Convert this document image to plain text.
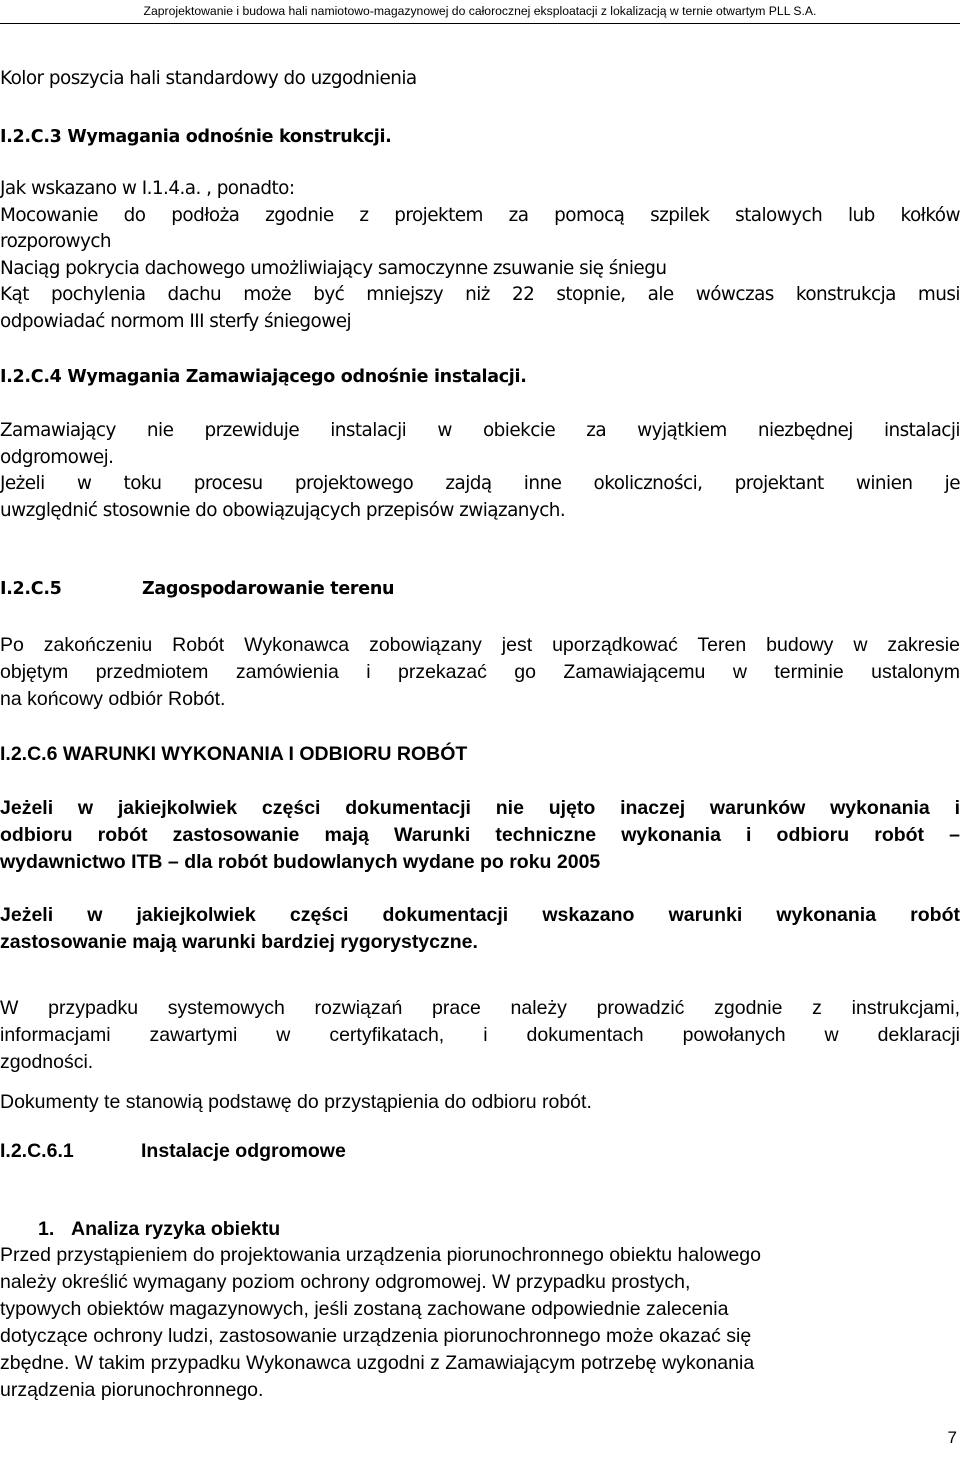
Zaprojektowanie i budowa hali namiotowo-magazynowej do całorocznej eksploatacji z lokalizacją w ternie otwartym PLL S.A.

Kolor poszycia hali standardowy do uzgodnienia

I.2.C.3 Wymagania odnośnie konstrukcji.

Jak wskazano w I.1.4.a. , ponadto:
Mocowanie do podłoża zgodnie z projektem za pomocą szpilek stalowych lub kołków
rozporowych
Naciąg pokrycia dachowego umożliwiający samoczynne zsuwanie się śniegu
Kąt pochylenia dachu może być mniejszy niż 22 stopnie, ale wówczas konstrukcja musi
odpowiadać normom III sterfy śniegowej

I.2.C.4 Wymagania Zamawiającego odnośnie instalacji.

Zamawiający nie przewiduje instalacji w obiekcie za wyjątkiem niezbędnej instalacji
odgromowej.
Jeżeli w toku procesu projektowego zajdą inne okoliczności, projektant winien je
uwzględnić stosownie do obowiązujących przepisów związanych.
I.2.C.5	Zagospodarowanie terenu
Po zakończeniu Robót Wykonawca zobowiązany jest uporządkować Teren budowy w zakresie
objętym przedmiotem zamówienia i przekazać go Zamawiającemu w terminie ustalonym
na końcowy odbiór Robót.

I.2.C.6 WARUNKI WYKONANIA I ODBIORU ROBÓT

Jeżeli w jakiejkolwiek części dokumentacji nie ujęto inaczej warunków wykonania i
odbioru robót zastosowanie mają Warunki techniczne wykonania i odbioru robót –
wydawnictwo ITB – dla robót budowlanych wydane po roku 2005
Jeżeli w jakiejkolwiek części dokumentacji wskazano warunki wykonania robót
zastosowanie mają warunki bardziej rygorystyczne.
W przypadku systemowych rozwiązań prace należy prowadzić zgodnie z instrukcjami,
informacjami zawartymi w certyfikatach, i dokumentach powołanych w deklaracji
zgodności.

Dokumenty te stanowią podstawę do przystąpienia do odbioru robót.

I.2.C.6.1	Instalacje odgromowe
1. Analiza ryzyka obiektu
Przed przystąpieniem do projektowania urządzenia piorunochronnego obiektu halowego
należy określić wymagany poziom ochrony odgromowej. W przypadku prostych,
typowych obiektów magazynowych, jeśli zostaną zachowane odpowiednie zalecenia
dotyczące ochrony ludzi, zastosowanie urządzenia piorunochronnego może okazać się
zbędne. W takim przypadku Wykonawca uzgodni z Zamawiającym potrzebę wykonania
urządzenia piorunochronnego.
7
